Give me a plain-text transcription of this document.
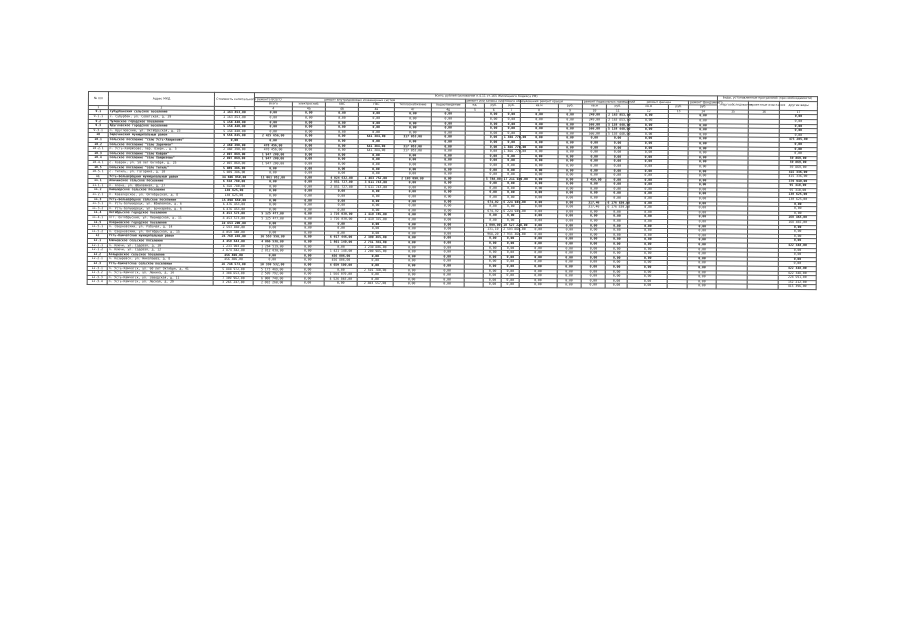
№ п/п	Адрес МКД	Стоимость капитального ремонта ВСЕГО	всего, рублей (основание п.4.11 ст.165 Жилищного Кодекса РФ)																виды, установленные программой (при необходимости)		
			ремонт внутридомовых инженерных систем						ремонт или замена лифтового оборудования			ремонт крыши		ремонт подвальных помещений		ремонт фасада		ремонт фундамента	энергообследование	проектные изыскания	другие виды
			Всего	электроснаб.	ХВС	ГВС	теплоснабжение	водоотведение	ед.	руб.	руб.	кв.м	руб.	кв.м	руб.	кв.м	руб.	руб.			
1	2	3	4	4а	4б	4в	4г	4д	5	6	7	8	9	10	11	12	13	14	15	16	17
9.1	Субурбанский сельское поселение	2 163 853,00	0,00	0,00	0,00	0,00	0,00	0,00		0,00	0,00	0,00	0,00	249,00	2 163 853,00	0,00		0,00			0,00
9.1.1	с. Субурбан, ул. Советская, д. 29	2 163 853,00	0,00	0,00	0,00	0,00	0,00	0,00		0,00	0,00	0,00	0,00	249,00	2 163 853,00	0,00		0,00			0,00
9.2	Чуловское городское поселение	5 158 440,00	0,00	0,00	0,00	0,00	0,00	0,00		0,00	0,00	0,00	0,00	566,00	5 158 440,00	0,00		0,00			0,00
9.3	Кругловское городское поселение	5 158 440,00	0,00	0,00	0,00	0,00	0,00	0,00		0,00	0,00	0,00	0,00	566,00	5 158 440,00	0,00		0,00			0,00
9.3.1	п. Кругловский, ул. Октябрьская, д. 23	5 158 440,00	0,00	0,00	0,00	0,00	0,00	0,00		0,00	0,00	0,00	0,00	566,00	5 158 440,00	0,00		0,00			0,00
10	Заречинский муниципальный район	9 556 845,00	2 425 656,00	0,00	0,00	641 384,00	317 053,00	0,00		0,00	1 466 770,00	0,00	0,00	0,00	0,00	0,00		0,00			475 205,00
10.1	Сельское поселение "село Усть-Хайрюзово"	0,00	0,00	0,00	0,00	0,00	0,00	0,00		0,00	0,00	0,00	0,00	0,00	0,00	0,00		0,00			0,00
10.2	Сельское поселение "село Заречное"	2 460 390,00	478 456,00	0,00	0,00	641 384,00	317 053,00	0,00		0,00	1 466 770,00	0,00	0,00	0,00	0,00	0,00		0,00			0,00
10.2.1	п. Усть-Хайрюзово, пер. Озерн., д. 5	2 460 390,00	478 456,00	0,00	0,00	641 384,00	317 053,00	0,00		0,00	1 466 770,00	0,00	0,00	0,00	0,00	0,00		0,00			0,00
10.3	Сельское поселение "село Ковран"	2 007 069,00	1 947 200,00	0,00	0,00	0,00	0,00	0,00		0,00	0,00	0,00	0,00	0,00	0,00	0,00		0,00			59 869,00
10.4	Сельское поселение "село Хайрюзово"	2 007 069,00	1 947 200,00	0,00	0,00	0,00	0,00	0,00		0,00	0,00	0,00	0,00	0,00	0,00	0,00		0,00			59 869,00
10.4.1	с. Ковран, ул. 50 лет Октября, д. 25	2 007 069,00	1 947 200,00	0,00	0,00	0,00	0,00	0,00		0,00	0,00	0,00	0,00	0,00	0,00	0,00		0,00			59 869,00
10.5	Сельское поселение "село Тигиль"	5 089 386,00	0,00	0,00	0,00	0,00	0,00	0,00		0,00	0,00	0,00	0,00	0,00	0,00	0,00		0,00			415 336,00
10.5.1	с. Тигиль, ул. Гагарина, д. 10	5 089 386,00	0,00	0,00	0,00	0,00	0,00	0,00		0,00	0,00	0,00	0,00	0,00	0,00	0,00		0,00			415 336,00
11	Усть-Большерецкий муниципальный район	34 606 950,00	11 061 952,00	0,00	4 024 632,00	1 463 752,00	2 103 090,00	0,00		5 788,00	17 211 049,00	0,00	0,00	3 459,00	0,00	0,00		0,00			370 949,00
11.1	Апачинское сельское поселение	6 558 780,00	0,00	0,00	2 851 727,00	3 611 743,00	0,00	0,00		0,00	0,00	0,00	0,00	0,00	0,00	0,00		0,00			95 310,00
11.1.1	п. Апача, ул. Юбилейная, д. 27	6 558 780,00	0,00	0,00	2 851 727,00	3 611 743,00	0,00	0,00		0,00	0,00	0,00	0,00	0,00	0,00	0,00		0,00			95 310,00
11.2	Кавалерское сельское поселение	130 625,00	0,00	0,00	0,00	0,00	0,00	0,00		0,00	0,00	0,00	0,00	0,00	0,00	0,00		0,00			130 625,00
11.2.1	п. Кавалерское, ул. Октябрьская, д. 8	130 625,00	0,00	0,00	0,00	0,00	0,00	0,00		0,00	0,00	0,00	0,00	0,00	0,00	0,00		0,00			130 625,00
11.3	Усть-Большерецкое сельское поселение	15 898 650,00	0,00	0,00	0,00	0,00	0,00	0,00		674,92	6 224 945,00	0,00	0,00	317,46	6 176 839,00	0,00		0,00			0,00
11.3.1	п. Усть-Большерецк, ул. Юбилейная, д. 6	6 476 453,00	0,00	0,00	0,00	0,00	0,00	0,00		0,00	0,00	0,00	0,00	317,46	6 176 839,00	0,00		0,00			0,00
11.3.2	п. Усть-Большерецк, ул. Бочкарева, д. 6	6 476 453,00	0,00	0,00	0,00	0,00	0,00	0,00		674,92	6 224 945,00	0,00	0,00	0,00	0,00	0,00		0,00			0,00
11.4	Октябрьское городское поселение	8 453 573,00	5 125 477,00	0,00	1 726 030,00	1 419 785,00	0,00	0,00		0,00	0,00	0,00	0,00	0,00	0,00	0,00		0,00			168 465,00
11.4.1	пгт. Октябрьский, ул. Пионерская, д. 11	8 453 573,00	5 125 477,00	0,00	1 726 030,00	1 419 785,00	0,00	0,00		0,00	0,00	0,00	0,00	0,00	0,00	0,00		0,00			168 465,00
11.5	Озерновское городское поселение	10 653 200,00	0,00	0,00	0,00	0,00	0,00	0,00		1 099,00	10 527 220,00	0,00	0,00	0,00	0,00	0,00		0,00			0,00
11.5.1	п. Озерновский, ул. Рабочая, д. 14	2 593 860,00	0,00	0,00	0,00	0,00	0,00	0,00		131,10	2 593 860,00	0,00	0,00	0,00	0,00	0,00		0,00			0,00
11.5.2	п. Озерновский, ул. Октябрьская, д. 15	8 059 340,00	0,00	0,00	0,00	0,00	0,00	0,00		968,20	7 933 360,00	0,00	0,00	0,00	0,00	0,00		0,00			0,00
12	Усть-Камчатский муниципальный район	26 769 166,00	16 553 550,00	0,00	6 917 446,00	2 399 365,00	0,00	0,00		0,00	0,00	0,00	0,00	0,00	0,00	0,00		0,00			0,00
12.1	Ключевское сельское поселение	4 459 643,00	4 066 538,00	0,00	1 801 140,00	2 731 784,00	0,00	0,00		0,00	0,00	0,00	0,00	0,00	0,00	0,00		0,00			422 348,00
12.1.1	п. Ключи, ул. Садовая, д. 10	1 233 903,00	1 264 519,00	0,00	0,00	1 230 806,00	0,00	0,00		0,00	0,00	0,00	0,00	0,00	0,00	0,00		0,00			0,00
12.1.2	п. Ключи, ул. Садовая, д. 12	2 874 842,00	2 812 030,00	0,00	1 421 148,00	1 200 985,00	0,00	0,00		0,00	0,00	0,00	0,00	0,00	0,00	0,00		0,00			0,00
12.2	Козыревское сельское поселение	456 806,00	0,00	0,00	456 806,00	0,00	0,00	0,00		0,00	0,00	0,00	0,00	0,00	0,00	0,00		0,00			0,00
12.2.1	п. Козыревск, ул. Николаева, д. 8	456 806,00	0,00	0,00	456 806,00	0,00	0,00	0,00		0,00	0,00	0,00	0,00	0,00	0,00	0,00		0,00			0,00
12.3	Усть-Камчатское сельское поселение	16 748 573,00	10 330 532,00	0,00	4 659 500,00	0,00	0,00	0,00		0,00	0,00	0,00	0,00	0,00	0,00	0,00		0,00			422 348,00
12.3.1	п. Усть-Камчатск, ул. 60 лет Октября, д. 41	5 888 972,00	5 173 469,00	0,00	0,00	2 591 780,00	0,00	0,00		0,00	0,00	0,00	0,00	0,00	0,00	0,00		0,00			422 348,00
12.3.2	п. Усть-Камчатск, ул. Ленина, д. 14	3 308 653,00	2 509 792,00	0,00	1 564 070,00	0,00	0,00	0,00		0,00	0,00	0,00	0,00	0,00	0,00	0,00		0,00			224 591,00
12.3.3	п. Усть-Камчатск, ул. Заводская, д. 11	7 309 962,00	6 000 748,00	0,00	4 526 848,00	0,00	0,00	0,00		0,00	0,00	0,00	0,00	0,00	0,00	0,00		0,00			152 212,00
12.3.4	п. Усть-Камчатск, ул. Лесная, д. 29	3 265 247,00	2 802 260,00	0,00	0,00	2 803 557,00	0,00	0,00		0,00	0,00	0,00	0,00	0,00	0,00	0,00		0,00			415 396,00
